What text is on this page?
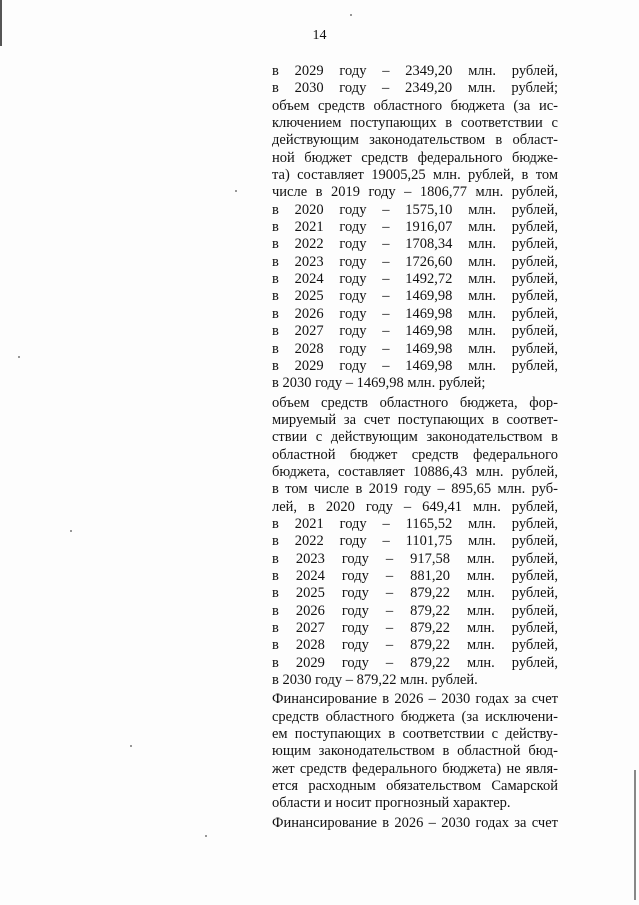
14
в 2029 году – 2349,20 млн. рублей,
в 2030 году – 2349,20 млн. рублей;
объем средств областного бюджета (за ис-
ключением поступающих в соответствии с
действующим законодательством в област-
ной бюджет средств федерального бюдже-
та) составляет 19005,25 млн. рублей, в том
числе в 2019 году – 1806,77 млн. рублей,
в 2020 году – 1575,10 млн. рублей,
в 2021 году – 1916,07 млн. рублей,
в 2022 году – 1708,34 млн. рублей,
в 2023 году – 1726,60 млн. рублей,
в 2024 году – 1492,72 млн. рублей,
в 2025 году – 1469,98 млн. рублей,
в 2026 году – 1469,98 млн. рублей,
в 2027 году – 1469,98 млн. рублей,
в 2028 году – 1469,98 млн. рублей,
в 2029 году – 1469,98 млн. рублей,
в 2030 году – 1469,98 млн. рублей;
объем средств областного бюджета, фор-
мируемый за счет поступающих в соответ-
ствии с действующим законодательством в
областной бюджет средств федерального
бюджета, составляет 10886,43 млн. рублей,
в том числе в 2019 году – 895,65 млн. руб-
лей, в 2020 году – 649,41 млн. рублей,
в 2021 году – 1165,52 млн. рублей,
в 2022 году – 1101,75 млн. рублей,
в 2023 году – 917,58 млн. рублей,
в 2024 году – 881,20 млн. рублей,
в 2025 году – 879,22 млн. рублей,
в 2026 году – 879,22 млн. рублей,
в 2027 году – 879,22 млн. рублей,
в 2028 году – 879,22 млн. рублей,
в 2029 году – 879,22 млн. рублей,
в 2030 году – 879,22 млн. рублей.
Финансирование в 2026 – 2030 годах за счет
средств областного бюджета (за исключени-
ем поступающих в соответствии с действу-
ющим законодательством в областной бюд-
жет средств федерального бюджета) не явля-
ется расходным обязательством Самарской
области и носит прогнозный характер.
Финансирование в 2026 – 2030 годах за счет
